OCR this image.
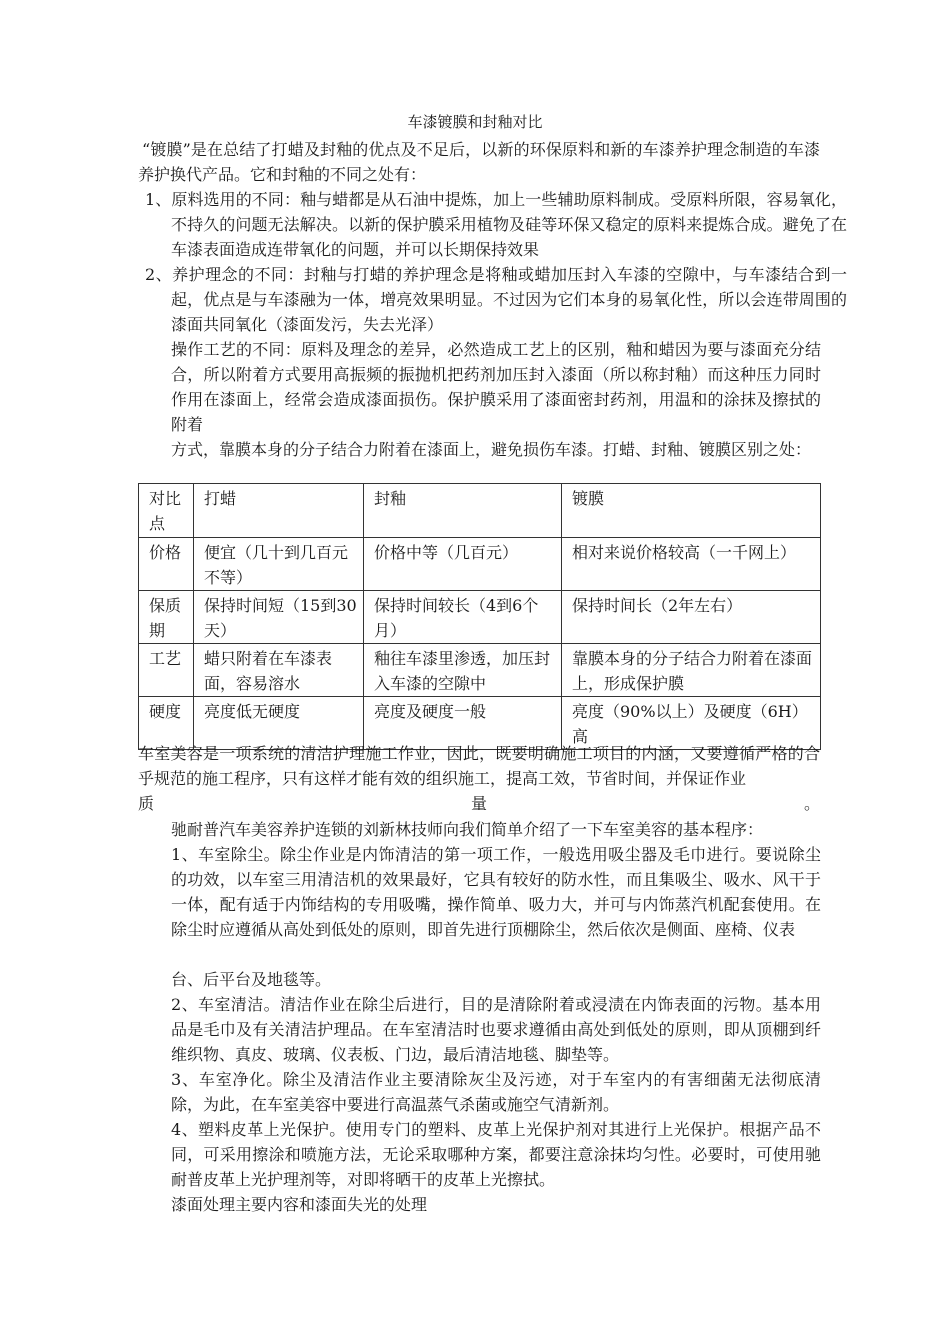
车漆镀膜和封釉对比

“镀膜”是在总结了打蜡及封釉的优点及不足后，以新的环保原料和新的车漆养护理念制造的车漆养护换代产品。它和封釉的不同之处有：

1、原料选用的不同：釉与蜡都是从石油中提炼，加上一些辅助原料制成。受原料所限，容易氧化，不持久的问题无法解决。以新的保护膜采用植物及硅等环保又稳定的原料来提炼合成。避免了在车漆表面造成连带氧化的问题，并可以长期保持效果

2、养护理念的不同：封釉与打蜡的养护理念是将釉或蜡加压封入车漆的空隙中，与车漆结合到一起，优点是与车漆融为一体，增亮效果明显。不过因为它们本身的易氧化性，所以会连带周围的漆面共同氧化（漆面发污，失去光泽）

操作工艺的不同：原料及理念的差异，必然造成工艺上的区别，釉和蜡因为要与漆面充分结合，所以附着方式要用高振频的振抛机把药剂加压封入漆面（所以称封釉）而这种压力同时作用在漆面上，经常会造成漆面损伤。保护膜采用了漆面密封药剂，用温和的涂抹及擦拭的附着

方式，靠膜本身的分子结合力附着在漆面上，避免损伤车漆。打蜡、封釉、镀膜区别之处：

对比点	打蜡	封釉	镀膜
价格	便宜（几十到几百元不等）	价格中等（几百元）	相对来说价格较高（一千网上）
保质期	保持时间短（15到30天）	保持时间较长（4到6个月）	保持时间长（2年左右）
工艺	蜡只附着在车漆表面，容易溶水	釉往车漆里渗透，加压封入车漆的空隙中	靠膜本身的分子结合力附着在漆面上，形成保护膜
硬度	亮度低无硬度	亮度及硬度一般	亮度（90%以上）及硬度（6H）高

车室美容是一项系统的清洁护理施工作业，因此，既要明确施工项目的内涵，又要遵循严格的合乎规范的施工程序，只有这样才能有效的组织施工，提高工效，节省时间，并保证作业

质	量	。

驰耐普汽车美容养护连锁的刘新林技师向我们简单介绍了一下车室美容的基本程序：

1、车室除尘。除尘作业是内饰清洁的第一项工作，一般选用吸尘器及毛巾进行。要说除尘的功效，以车室三用清洁机的效果最好，它具有较好的防水性，而且集吸尘、吸水、风干于一体，配有适于内饰结构的专用吸嘴，操作简单、吸力大，并可与内饰蒸汽机配套使用。在除尘时应遵循从高处到低处的原则，即首先进行顶棚除尘，然后依次是侧面、座椅、仪表

台、后平台及地毯等。

2、车室清洁。清洁作业在除尘后进行，目的是清除附着或浸渍在内饰表面的污物。基本用品是毛巾及有关清洁护理品。在车室清洁时也要求遵循由高处到低处的原则，即从顶棚到纤维织物、真皮、玻璃、仪表板、门边，最后清洁地毯、脚垫等。

3、车室净化。除尘及清洁作业主要清除灰尘及污迹，对于车室内的有害细菌无法彻底清除，为此，在车室美容中要进行高温蒸气杀菌或施空气清新剂。

4、塑料皮革上光保护。使用专门的塑料、皮革上光保护剂对其进行上光保护。根据产品不同，可采用擦涂和喷施方法，无论采取哪种方案，都要注意涂抹均匀性。必要时，可使用驰耐普皮革上光护理剂等，对即将晒干的皮革上光擦拭。

漆面处理主要内容和漆面失光的处理
